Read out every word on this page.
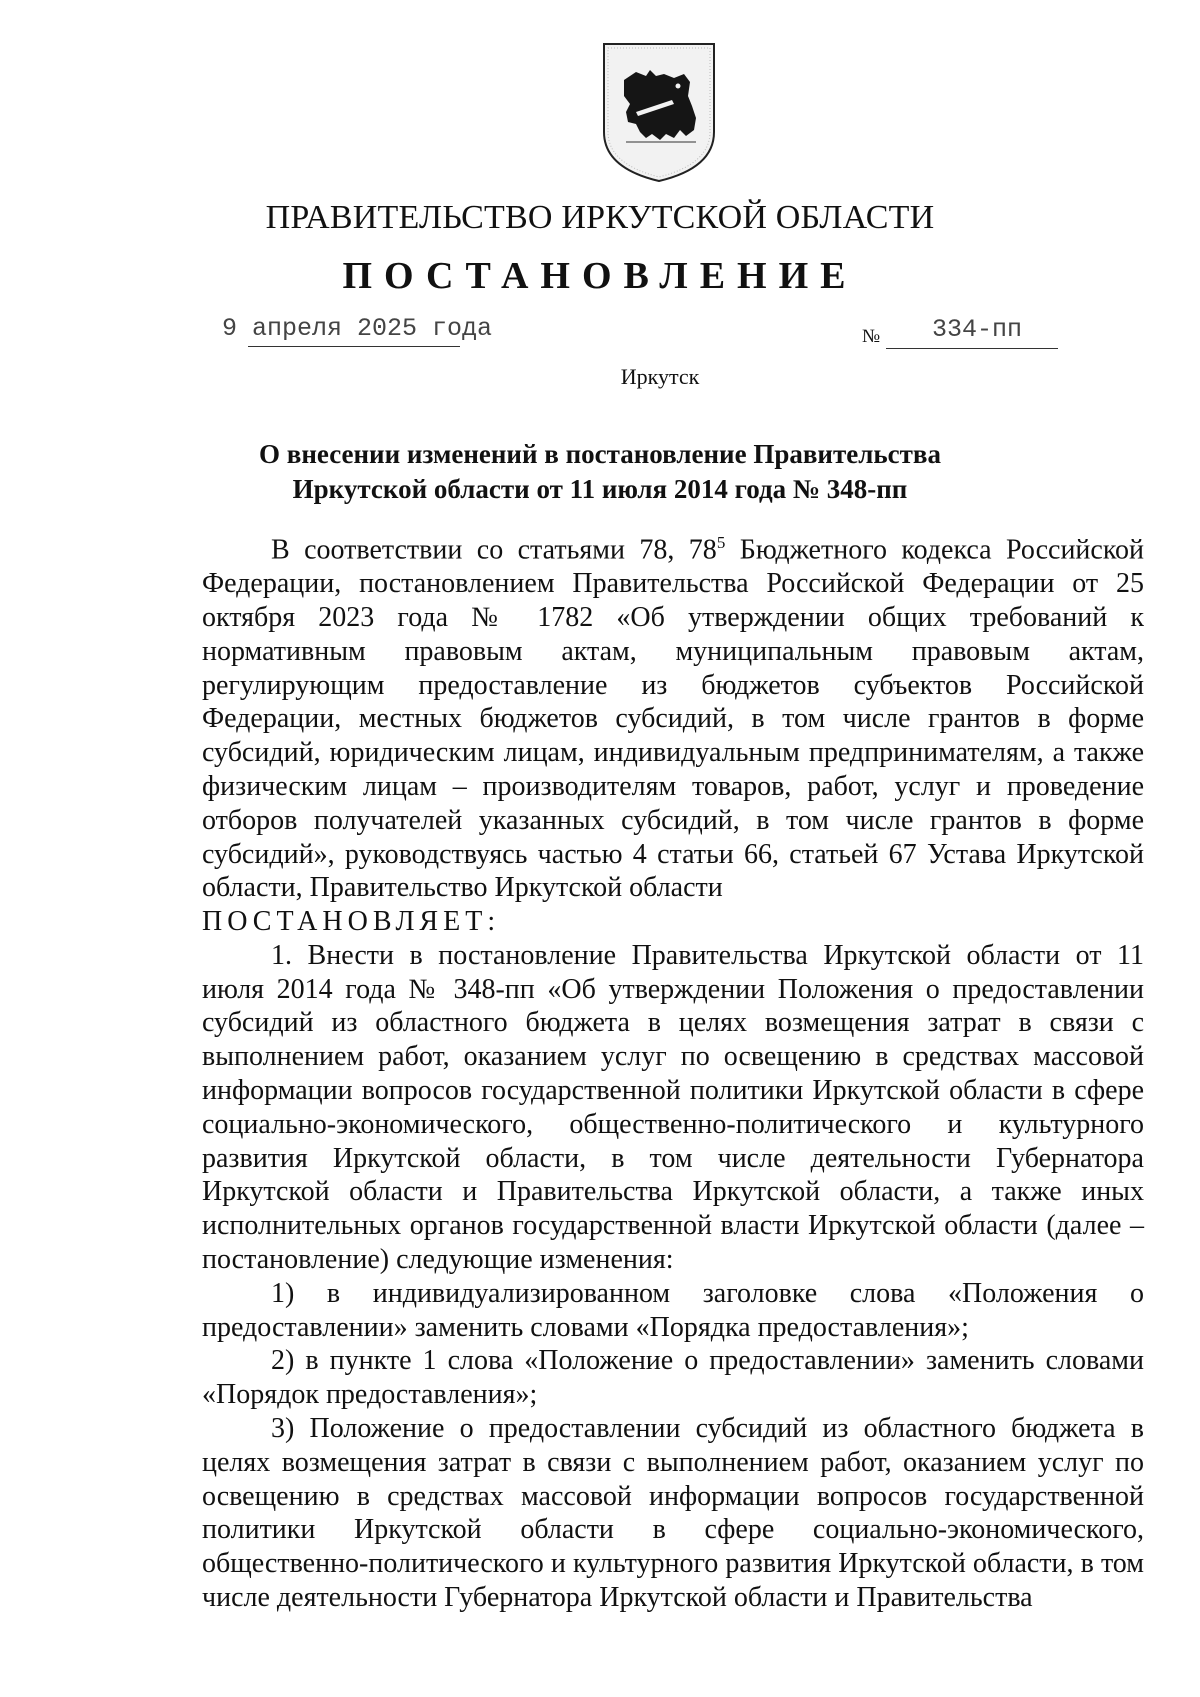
ПРАВИТЕЛЬСТВО ИРКУТСКОЙ ОБЛАСТИ
ПОСТАНОВЛЕНИЕ
9 апреля 2025 года	№ 334-пп
Иркутск
О внесении изменений в постановление Правительства
Иркутской области от 11 июля 2014 года № 348-пп

В соответствии со статьями 78, $78^5$ Бюджетного кодекса Российской Федерации, постановлением Правительства Российской Федерации от 25 октября 2023 года № 1782 «Об утверждении общих требований к нормативным правовым актам, муниципальным правовым актам, регулирующим предоставление из бюджетов субъектов Российской Федерации, местных бюджетов субсидий, в том числе грантов в форме субсидий, юридическим лицам, индивидуальным предпринимателям, а также физическим лицам – производителям товаров, работ, услуг и проведение отборов получателей указанных субсидий, в том числе грантов в форме субсидий», руководствуясь частью 4 статьи 66, статьей 67 Устава Иркутской области, Правительство Иркутской области

ПОСТАНОВЛЯЕТ:

1. Внести в постановление Правительства Иркутской области от 11 июля 2014 года № 348-пп «Об утверждении Положения о предоставлении субсидий из областного бюджета в целях возмещения затрат в связи с выполнением работ, оказанием услуг по освещению в средствах массовой информации вопросов государственной политики Иркутской области в сфере социально-экономического, общественно-политического и культурного развития Иркутской области, в том числе деятельности Губернатора Иркутской области и Правительства Иркутской области, а также иных исполнительных органов государственной власти Иркутской области (далее – постановление) следующие изменения:

1) в индивидуализированном заголовке слова «Положения о предоставлении» заменить словами «Порядка предоставления»;

2) в пункте 1 слова «Положение о предоставлении» заменить словами «Порядок предоставления»;

3) Положение о предоставлении субсидий из областного бюджета в целях возмещения затрат в связи с выполнением работ, оказанием услуг по освещению в средствах массовой информации вопросов государственной политики Иркутской области в сфере социально-экономического, общественно-политического и культурного развития Иркутской области, в том числе деятельности Губернатора Иркутской области и Правительства
